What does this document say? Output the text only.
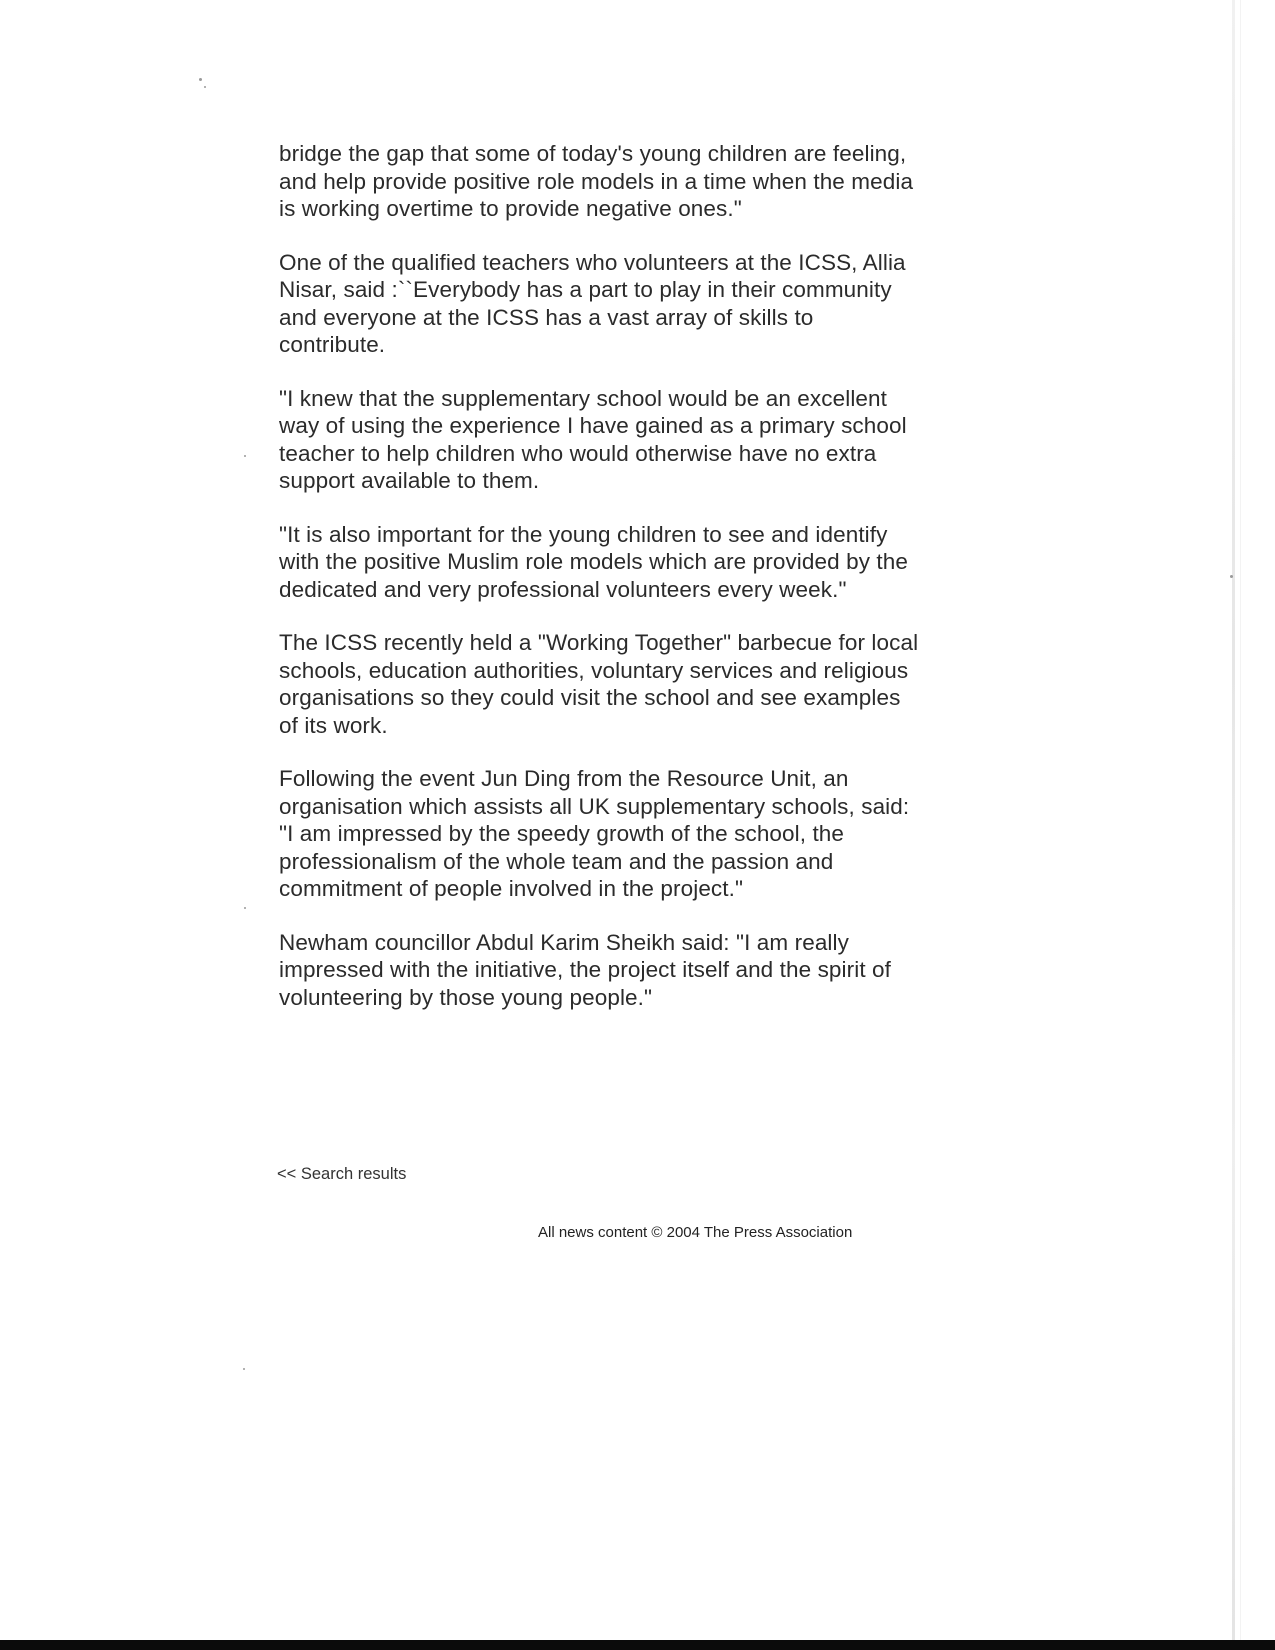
bridge the gap that some of today's young children are feeling, and help provide positive role models in a time when the media is working overtime to provide negative ones."

One of the qualified teachers who volunteers at the ICSS, Allia Nisar, said :``Everybody has a part to play in their community and everyone at the ICSS has a vast array of skills to contribute.

"I knew that the supplementary school would be an excellent way of using the experience I have gained as a primary school teacher to help children who would otherwise have no extra support available to them.

"It is also important for the young children to see and identify with the positive Muslim role models which are provided by the dedicated and very professional volunteers every week."

The ICSS recently held a "Working Together" barbecue for local schools, education authorities, voluntary services and religious organisations so they could visit the school and see examples of its work.

Following the event Jun Ding from the Resource Unit, an organisation which assists all UK supplementary schools, said: "I am impressed by the speedy growth of the school, the professionalism of the whole team and the passion and commitment of people involved in the project."

Newham councillor Abdul Karim Sheikh said: "I am really impressed with the initiative, the project itself and the spirit of volunteering by those young people."

<< Search results
All news content © 2004 The Press Association
